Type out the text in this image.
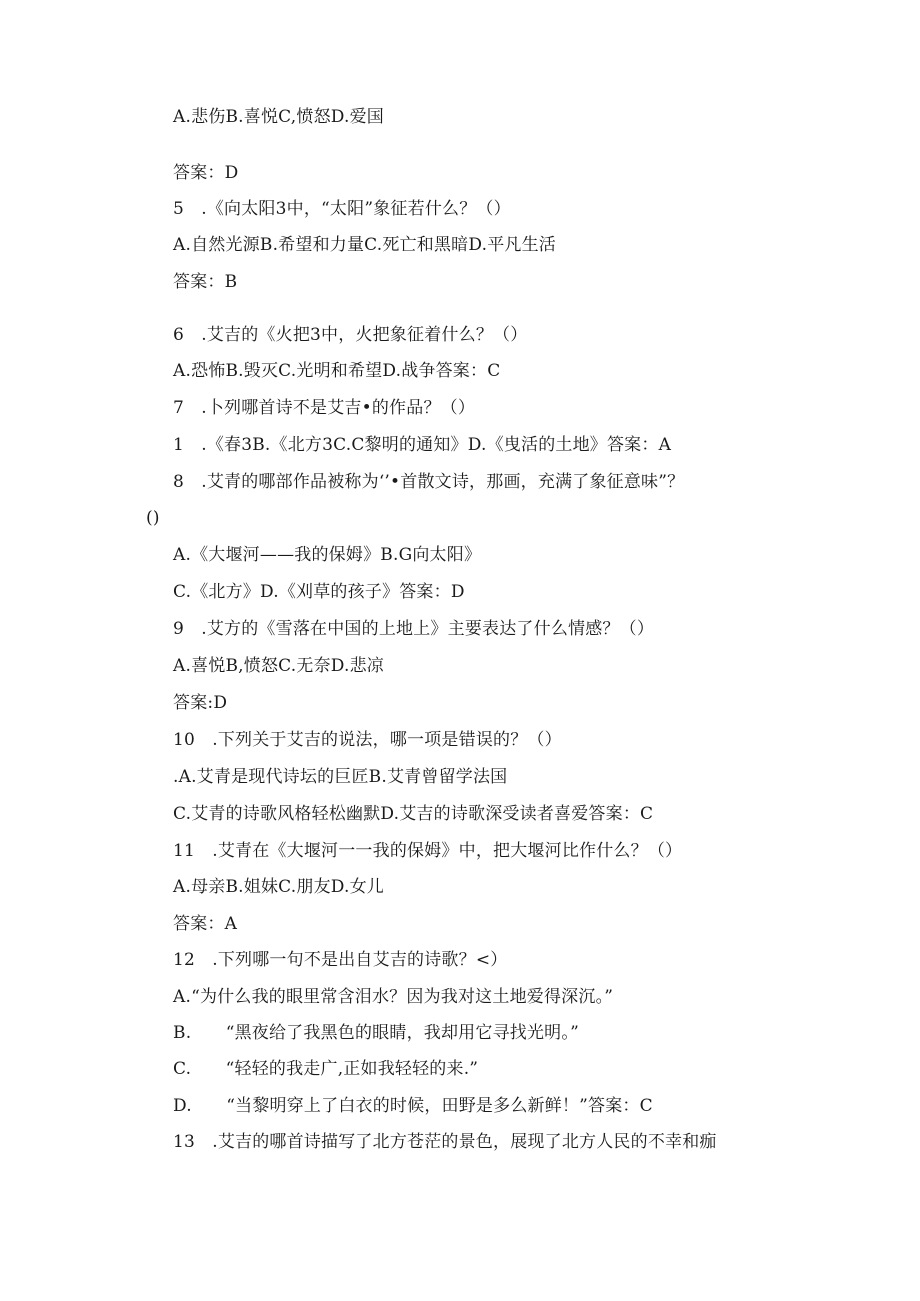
A.悲伤B.喜悦C,愤怒D.爱国
答案：D
5　.《向太阳3中，“太阳”象征若什么？（）
A.自然光源B.希望和力量C.死亡和黑暗D.平凡生活
答案：B
6　.艾吉的《火把3中，火把象征着什么？（）
A.恐怖B.毁灭C.光明和希望D.战争答案：C
7　.卜列哪首诗不是艾吉•的作品？（）
1　.《春3B.《北方3C.C黎明的通知》D.《曳活的土地》答案：A
8　.艾青的哪部作品被称为‘’•首散文诗，那画，充满了象征意味”？
()
A.《大堰河——我的保姆》B.G向太阳》
C.《北方》D.《刈草的孩子》答案：D
9　.艾方的《雪落在中国的上地上》主要表达了什么情感？（）
A.喜悦B,愤怒C.无奈D.悲凉
答案:D
10　.下列关于艾吉的说法，哪一项是错误的？（）
.A.艾青是现代诗坛的巨匠B.艾青曾留学法国
C.艾青的诗歌风格轻松幽默D.艾吉的诗歌深受读者喜爱答案：C
11　.艾青在《大堰河一一我的保姆》中，把大堰河比作什么？（）
A.母亲B.姐妹C.朋友D.女儿
答案：A
12　.下列哪一句不是出自艾吉的诗歌？<）
A.“为什么我的眼里常含泪水？因为我对这土地爱得深沉。”
B.　　“黑夜给了我黑色的眼睛，我却用它寻找光明。”
C.　　“轻轻的我走广,正如我轻轻的来.”
D.　　“当黎明穿上了白衣的时候，田野是多么新鲜！”答案：C
13　.艾吉的哪首诗描写了北方苍茫的景色，展现了北方人民的不幸和痂
